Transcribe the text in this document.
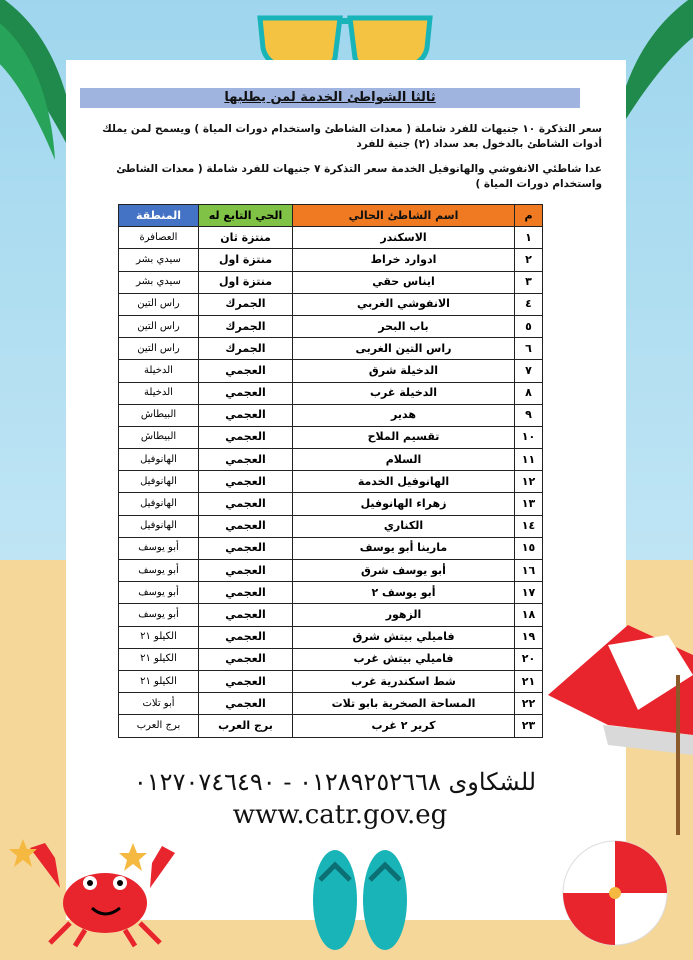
ثالثا الشواطئ الخدمة لمن يطلبها
سعر التذكرة ١٠ جنيهات للفرد شاملة ( معدات الشاطئ واستخدام دورات المياة ) ويسمح لمن يملك أدوات الشاطئ بالدخول بعد سداد (٢) جنية للفرد
عدا شاطئي الانفوشي والهانوفيل الخدمة سعر التذكرة ٧ جنيهات للفرد شاملة ( معدات الشاطئ واستخدام دورات المياة )
م	اسم الشاطئ الحالي	الحي التابع له	المنطقة
١	الاسكندر	منتزة ثان	العصافرة
٢	ادوارد خراط	منتزة اول	سيدي بشر
٣	ايناس حقي	منتزة اول	سيدي بشر
٤	الانفوشي الغربي	الجمرك	راس التين
٥	باب البحر	الجمرك	راس التين
٦	راس التين الغربى	الجمرك	راس التين
٧	الدخيلة شرق	العجمي	الدخيلة
٨	الدخيلة غرب	العجمي	الدخيلة
٩	هدير	العجمي	البيطاش
١٠	تقسيم الملاح	العجمي	البيطاش
١١	السلام	العجمي	الهانوفيل
١٢	الهانوفيل الخدمة	العجمي	الهانوفيل
١٣	زهراء الهانوفيل	العجمي	الهانوفيل
١٤	الكناري	العجمي	الهانوفيل
١٥	مارينا أبو يوسف	العجمي	أبو يوسف
١٦	أبو يوسف شرق	العجمي	أبو يوسف
١٧	أبو يوسف ٢	العجمي	أبو يوسف
١٨	الزهور	العجمي	أبو يوسف
١٩	فاميلي بيتش شرق	العجمي	الكيلو ٢١
٢٠	فاميلي بيتش غرب	العجمي	الكيلو ٢١
٢١	شط اسكندرية غرب	العجمي	الكيلو ٢١
٢٢	المساحة الصخرية بابو تلات	العجمي	أبو تلات
٢٣	كرير ٢ غرب	برج العرب	برج العرب
للشكاوى ٠١٢٨٩٢٥٢٦٦٨ - ٠١٢٧٠٧٤٦٤٩٠
www.catr.gov.eg
